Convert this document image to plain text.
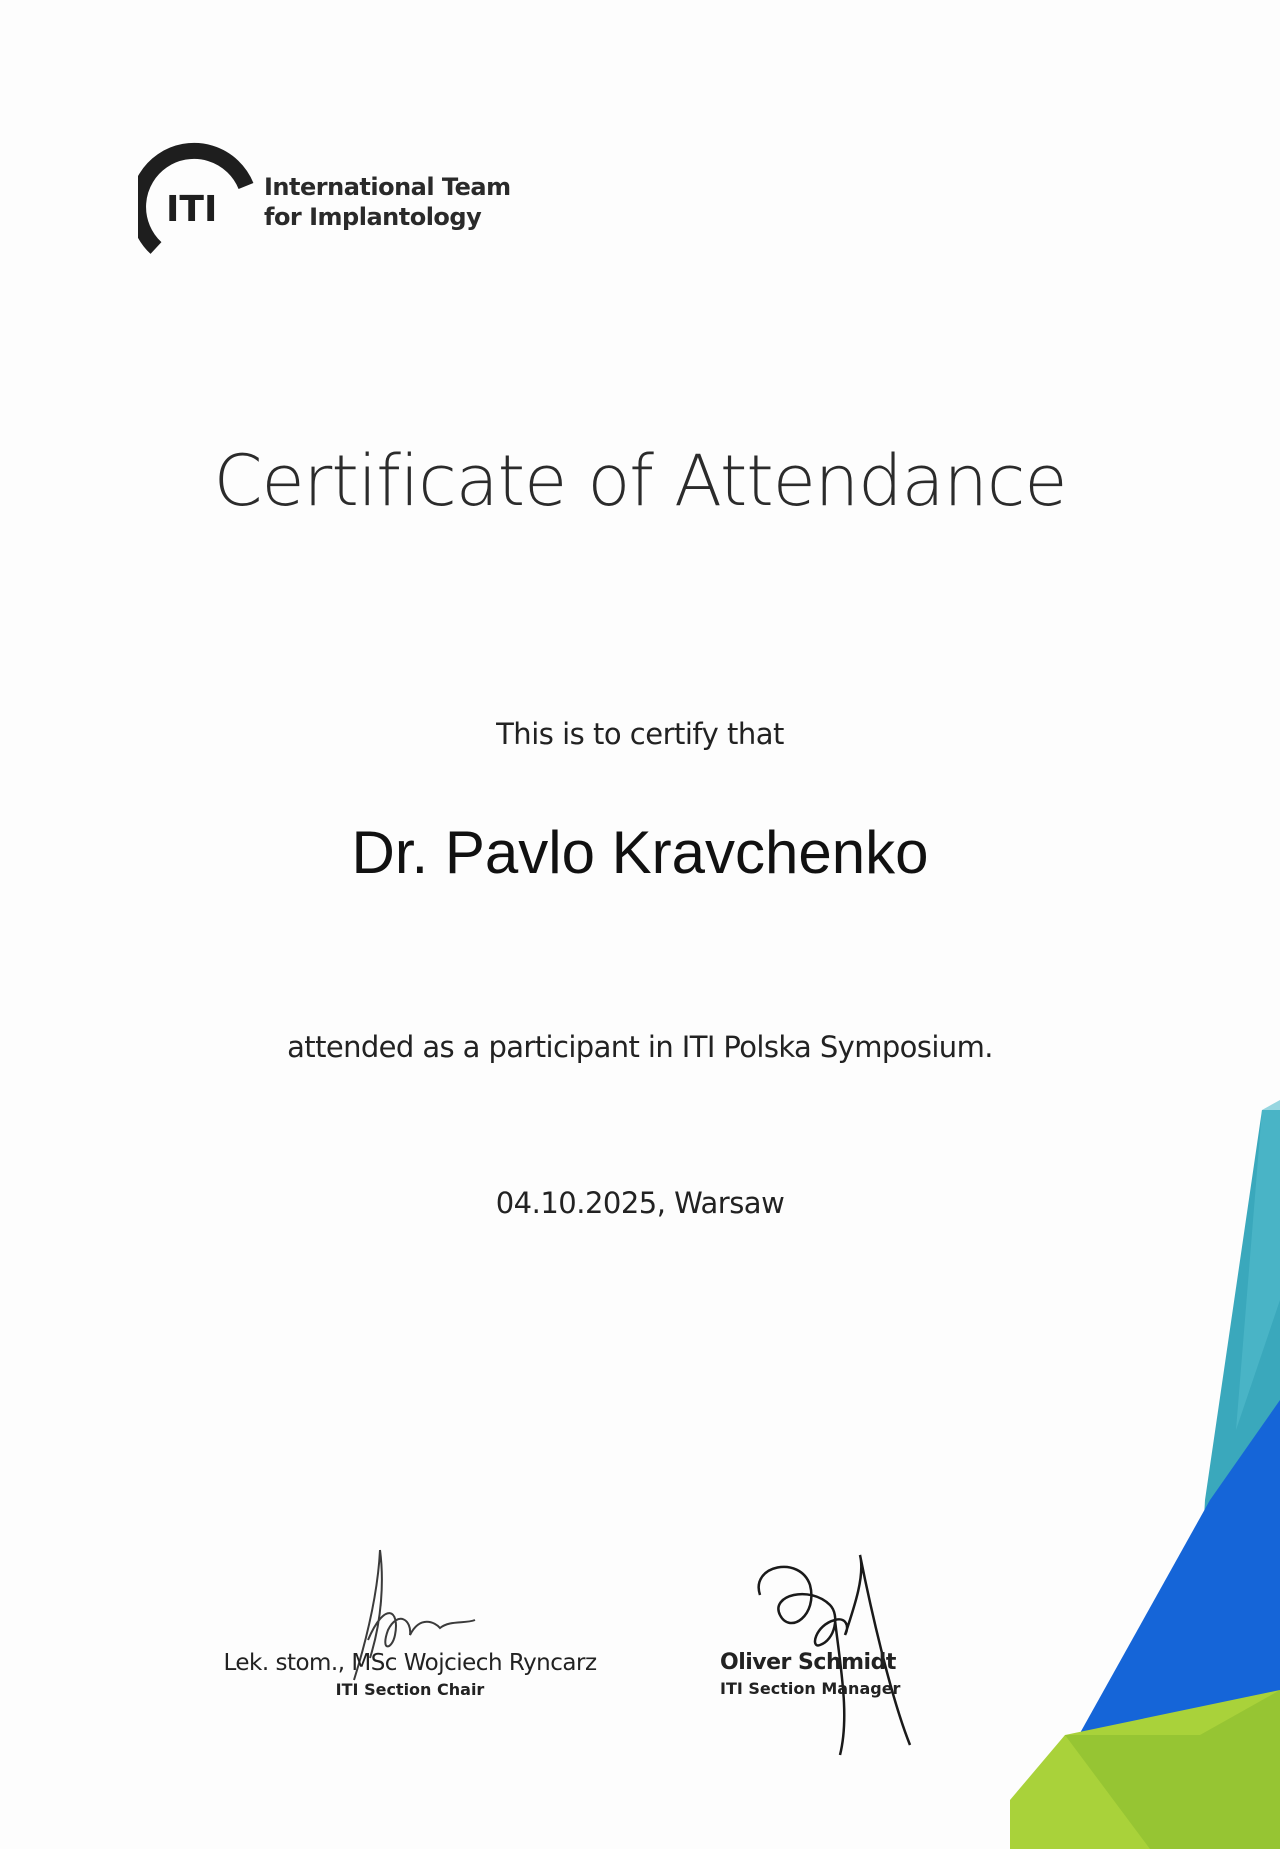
ITI
International Team
for Implantology
Certificate of Attendance
This is to certify that
Dr. Pavlo Kravchenko
attended as a participant in ITI Polska Symposium.
04.10.2025, Warsaw
Lek. stom., MSc Wojciech Ryncarz
ITI Section Chair
Oliver Schmidt
ITI Section Manager
